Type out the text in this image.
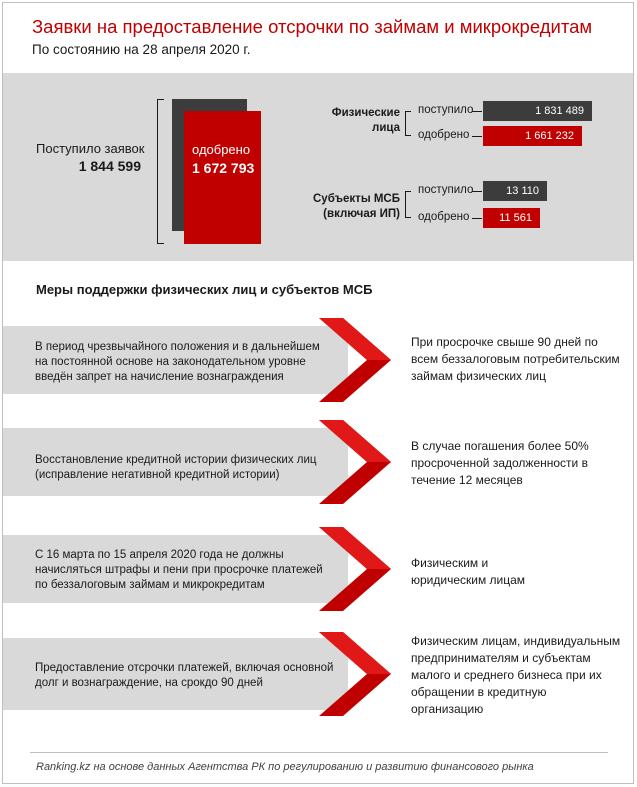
Заявки на предоставление отсрочки по займам и микрокредитам
По состоянию на 28 апреля 2020 г.
Поступило заявок
1 844 599
одобрено
1 672 793
Физические лица
поступило	1 831 489
одобрено	1 661 232
Субъекты МСБ (включая ИП)
поступило	13 110
одобрено	11 561
Меры поддержки физических лиц и субъектов МСБ
В период чрезвычайного положения и в дальнейшем на постоянной основе на законодательном уровне введён запрет на начисление вознаграждения
При просрочке свыше 90 дней по всем беззалоговым потребительским займам физических лиц
Восстановление кредитной истории физических лиц (исправление негативной кредитной истории)
В случае погашения более 50% просроченной задолженности в течение 12 месяцев
С 16 марта по 15 апреля 2020 года не должны начисляться штрафы и пени при просрочке платежей по беззалоговым займам и микрокредитам
Физическим и юридическим лицам
Предоставление отсрочки платежей, включая основной долг и вознаграждение, на срокдо 90 дней
Физическим лицам, индивидуальным предпринимателям и субъектам малого и среднего бизнеса при их обращении в кредитную организацию
Ranking.kz на основе данных Агентства РК по регулированию и развитию финансового рынка
